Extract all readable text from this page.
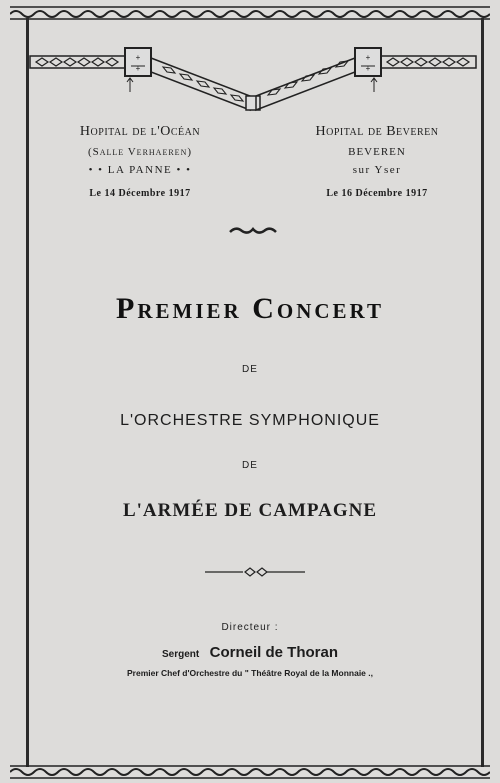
+
+
+
+
Hopital de l'Océan
(Salle Verhaeren)
• • LA PANNE • •
Le 14 Décembre 1917
Hopital de Beveren
BEVEREN
sur Yser
Le 16 Décembre 1917
Premier Concert
DE
L'ORCHESTRE SYMPHONIQUE
DE
L'ARMÉE DE CAMPAGNE
Directeur :
Sergent Corneil de Thoran
Premier Chef d'Orchestre du " Théâtre Royal de la Monnaie .,
